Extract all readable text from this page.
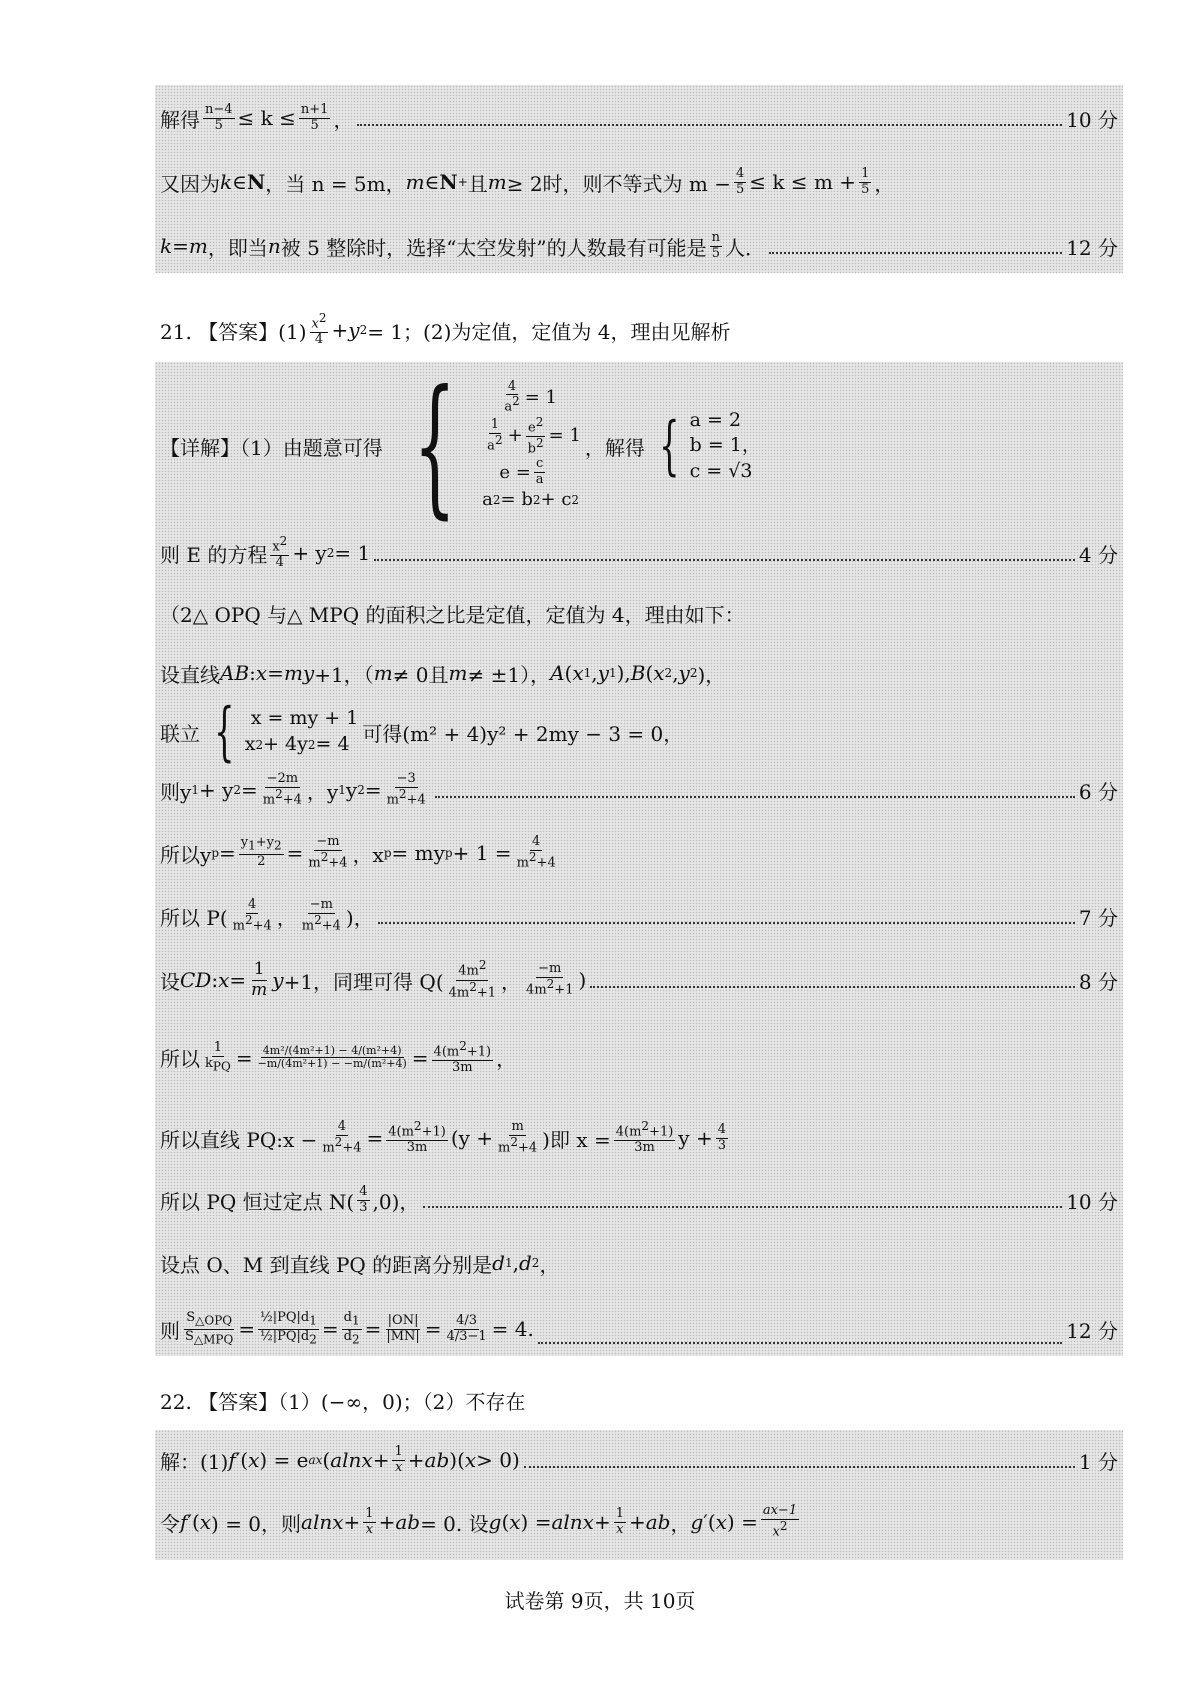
解得 $\frac{n-4}{5} \le k \le \frac{n+1}{5}$ ，	10 分
又因为 k ∈ N ，当 n = 5m， m ∈ N + 且 m ≥ 2时，则不等式为 $m - \frac{4}{5} \le k \le m + \frac{1}{5}$ ，
k = m ，即当 n 被 5 整除时，选择“太空发射”的人数最有可能是 $\frac{n}{5}$ 人．	12 分
21. 【答案】$(1) \frac{x^2}{4} + y$ 2 = 1；(2)为定值，定值为 4，理由见解析
【详解】（1）由题意可得 {
	$\frac{4}{a^2} = 1$
$\frac{1}{a^2} + \frac{e^2}{b^2} = 1$
$e = \frac{c}{a}$
a 2 = b 2 + c 2
，解得 { a = 2
b = 1，
c = √3
则 E 的方程 $\frac{x^2}{4} + y$ 2 = 1	4 分
（2△ OPQ 与△ MPQ 的面积之比是定值，定值为 4，理由如下：
设直线 AB : x = my +1，（ m ≠ 0且 m ≠ ±1）， A ( x 1 , y 1 ), B ( x 2 , y 2 )，
联立 { x = my + 1
x 2 + 4y 2 = 4 可得(m² + 4)y² + 2my − 3 = 0，
则y 1 + y $2 = \frac{-2m}{m^2+4}$ ，y 1 y $2 = \frac{-3}{m^2+4}$	6 分
所以y $p = \frac{y_1+y_2}{2} = \frac{-m}{m^2+4}$ ，x p = my $p + 1 = \frac{4}{m^2+4}$
所以 $P( \frac{4}{m^2+4}$ ， $\frac{-m}{m^2+4}$ )，	7 分
设 CD : $x = \frac{1}{m}$ y +1，同理可得 $Q( \frac{4m^2}{4m^2+1}$ ， $\frac{-m}{4m^2+1}$ )	8 分
所以 $\frac{1}{k_{PQ}} = \frac{\text{4m²/(4m²+1) − 4/(m²+4)}}{\text{−m/(4m²+1) − −m/(m²+4)}} = \frac{4(m^2+1)}{3m}$ ，
所以直线 PQ:x − $\frac{4}{m^2+4} = \frac{4(m^2+1)}{3m} (y + \frac{m}{m^2+4}$ )即 $x = \frac{4(m^2+1)}{3m}$ $y + \frac{4}{3}$
所以 PQ 恒过定点 $N( \frac{4}{3} ,0)$，	10 分
设点 O、M 到直线 PQ 的距离分别是 d 1 , d 2 ，
则 $\frac{S_{\triangle OPQ}}{S_{\triangle MPQ}} = \frac{\frac{1}{2}|PQ|d_1}{\frac{1}{2}|PQ|d_2} = \frac{d_1}{d_2} = \frac{|ON|}{|MN|} = \frac{4/3}{4/3-1} = 4$.	12 分
22. 【答案】（1）(−∞，0)；（2）不存在
解：(1) f ′( x ) = e ax ( $alnx + \frac{1}{x}$ + ab )( x > 0)	1 分
令 f ′( x ) = 0，则 $alnx + \frac{1}{x}$ + ab = 0. 设 g ( x ) = $alnx + \frac{1}{x}$ + ab ， g ′( x ) = $\frac{ax-1}{x^2}$
试卷第 9页，共 10页
